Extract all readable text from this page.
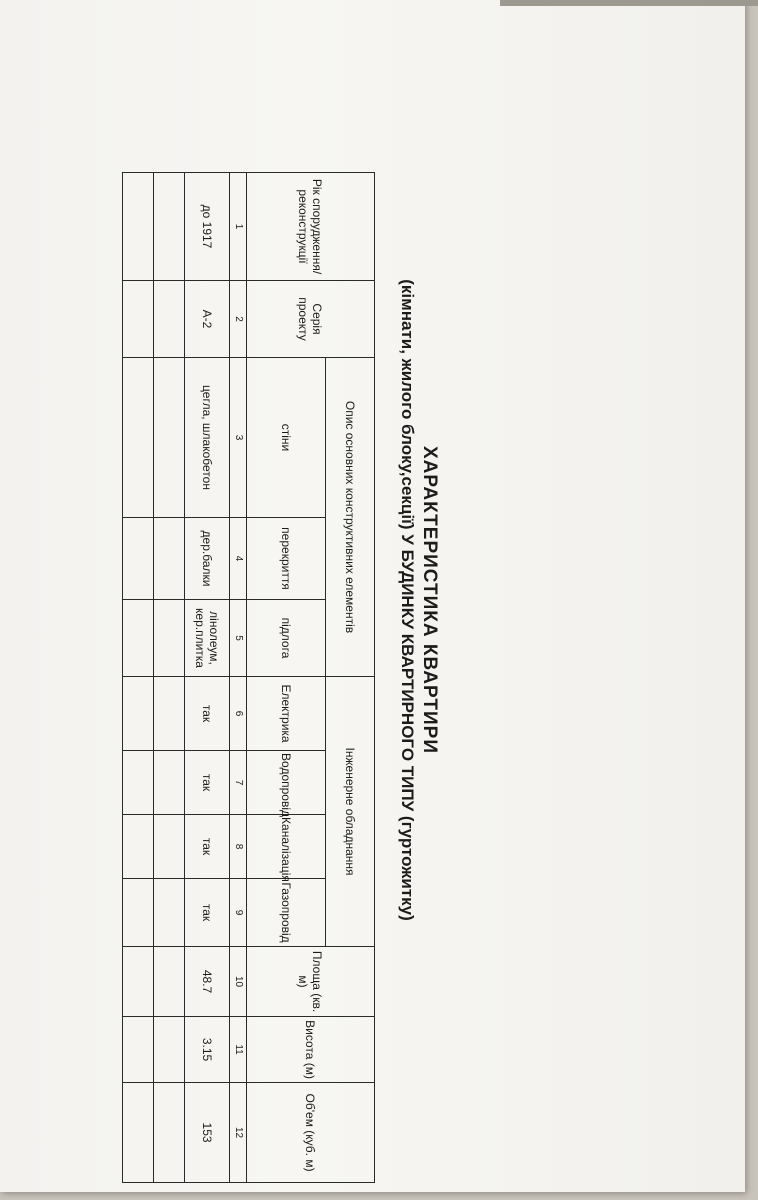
ХАРАКТЕРИСТИКА КВАРТИРИ
(кімнати, жилого блоку,секції) У БУДИНКУ КВАРТИРНОГО ТИПУ (гуртожитку)
Рік спорудження/ реконструкції	Серія проекту	Опис основних конструктивних елементів			Інженерне обладнання				Площа (кв. м)	Висота (м)	Об'ем (куб. м)
		стіни	перекриття	підлога	Електрика	Водопровід	Каналізація	Газопровід			
1	2	3	4	5	6	7	8	9	10	11	12
до 1917	А-2	цегла, шлакобетон	дер.балки	лінолеум, кер.плитка	так	так	так	так	48.7	3.15	153
